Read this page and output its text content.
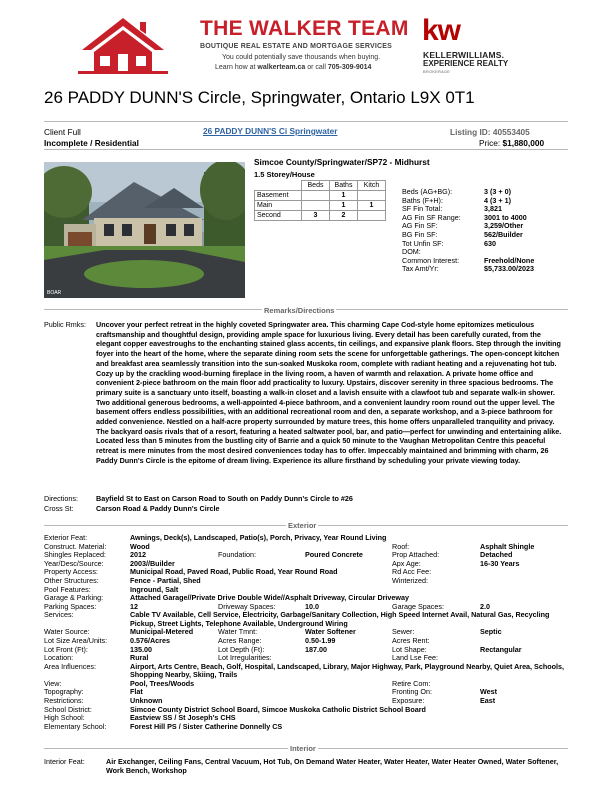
THE WALKER TEAM
BOUTIQUE REAL ESTATE AND MORTGAGE SERVICES
You could potentially save thousands when buying.
Learn how at walkerteam.ca or call 705-309-9014
kw
KELLERWILLIAMS.
EXPERIENCE REALTY
BROKERAGE
26 PADDY DUNN'S Circle, Springwater, Ontario L9X 0T1
Client Full
Incomplete / Residential
26 PADDY DUNN'S Ci Springwater	Listing ID: 40553405
Price: $1,880,000
BOAR
Simcoe County/Springwater/SP72 - Midhurst
1.5 Storey/House
	Beds	Baths	Kitch
Basement		1	
Main		1	1
Second	3	2	
Beds (AG+BG):	3 (3 + 0)
Baths (F+H):	4 (3 + 1)
SF Fin Total:	3,821
AG Fin SF Range:	3001 to 4000
AG Fin SF:	3,259/Other
BG Fin SF:	562/Builder
Tot Unfin SF:	630
DOM:
Common Interest:	Freehold/None
Tax Amt/Yr:	$5,733.00/2023
Remarks/Directions
Public Rmks: Uncover your perfect retreat in the highly coveted Springwater area. This charming Cape Cod-style home epitomizes meticulous craftsmanship and thoughtful design, providing ample space for luxurious living. Every detail has been carefully curated, from the elegant copper eavestroughs to the enchanting stained glass accents, tin ceilings, and expansive plank floors. Step through the inviting foyer into the heart of the home, where the separate dining room sets the scene for unforgettable gatherings. The open-concept kitchen and breakfast area seamlessly transition into the sun-soaked Muskoka room, complete with radiant heating and a rejuvenating hot tub. Cozy up by the crackling wood-burning fireplace in the living room, a haven of warmth and relaxation. A private home office and convenient 2-piece bathroom on the main floor add practicality to luxury. Upstairs, discover serenity in three spacious bedrooms. The primary suite is a sanctuary unto itself, boasting a walk-in closet and a lavish ensuite with a clawfoot tub and separate walk-in shower. Two additional generous bedrooms, a well-appointed 4-piece bathroom, and a convenient laundry room round out the upper level. The basement offers endless possibilities, with an additional recreational room and den, a separate workshop, and a 3-piece bathroom for added convenience. Nestled on a half-acre property surrounded by mature trees, this home offers unparalleled tranquility and privacy. The backyard oasis rivals that of a resort, featuring a heated saltwater pool, bar, and patio—perfect for unwinding and entertaining alike. Located less than 5 minutes from the bustling city of Barrie and a quick 50 minute to the Vaughan Metropolitan Centre this peaceful retreat is mere minutes from the most desired conveniences today has to offer. Impeccably maintained and brimming with charm, 26 Paddy Dunn's Circle is the epitome of dream living. Experience its allure firsthand by scheduling your private viewing today.
Directions:	Bayfield St to East on Carson Road to South on Paddy Dunn's Circle to #26
Cross St:	Carson Road & Paddy Dunn's Circle
Exterior
Exterior Feat:	Awnings, Deck(s), Landscaped, Patio(s), Porch, Privacy, Year Round Living
Construct. Material:	Wood	Roof:	Asphalt Shingle
Shingles Replaced:	2012	Foundation:	Poured Concrete	Prop Attached:	Detached
Year/Desc/Source:	2003//Builder	Apx Age:	16-30 Years
Property Access:	Municipal Road, Paved Road, Public Road, Year Round Road	Rd Acc Fee:
Other Structures:	Fence - Partial, Shed	Winterized:
Pool Features:	Inground, Salt
Garage & Parking:	Attached Garage//Private Drive Double Wide//Asphalt Driveway, Circular Driveway
Parking Spaces:	12	Driveway Spaces:	10.0	Garage Spaces:	2.0
Services:	Cable TV Available, Cell Service, Electricity, Garbage/Sanitary Collection, High Speed Internet Avail, Natural Gas, Recycling Pickup, Street Lights, Telephone Available, Underground Wiring
Water Source:	Municipal-Metered	Water Tmnt:	Water Softener	Sewer:	Septic
Lot Size Area/Units:	0.576/Acres	Acres Range:	0.50-1.99	Acres Rent:
Lot Front (Ft):	135.00	Lot Depth (Ft):	187.00	Lot Shape:	Rectangular
Location:	Rural	Lot Irregularities:	Land Lse Fee:
Area Influences:	Airport, Arts Centre, Beach, Golf, Hospital, Landscaped, Library, Major Highway, Park, Playground Nearby, Quiet Area, Schools, Shopping Nearby, Skiing, Trails
View:	Pool, Trees/Woods	Retire Com:
Topography:	Flat	Fronting On:	West
Restrictions:	Unknown	Exposure:	East
School District:	Simcoe County District School Board, Simcoe Muskoka Catholic District School Board
High School:	Eastview SS / St Joseph's CHS
Elementary School:	Forest Hill PS / Sister Catherine Donnelly CS
Interior
Interior Feat:	Air Exchanger, Ceiling Fans, Central Vacuum, Hot Tub, On Demand Water Heater, Water Heater, Water Heater Owned, Water Softener, Work Bench, Workshop
